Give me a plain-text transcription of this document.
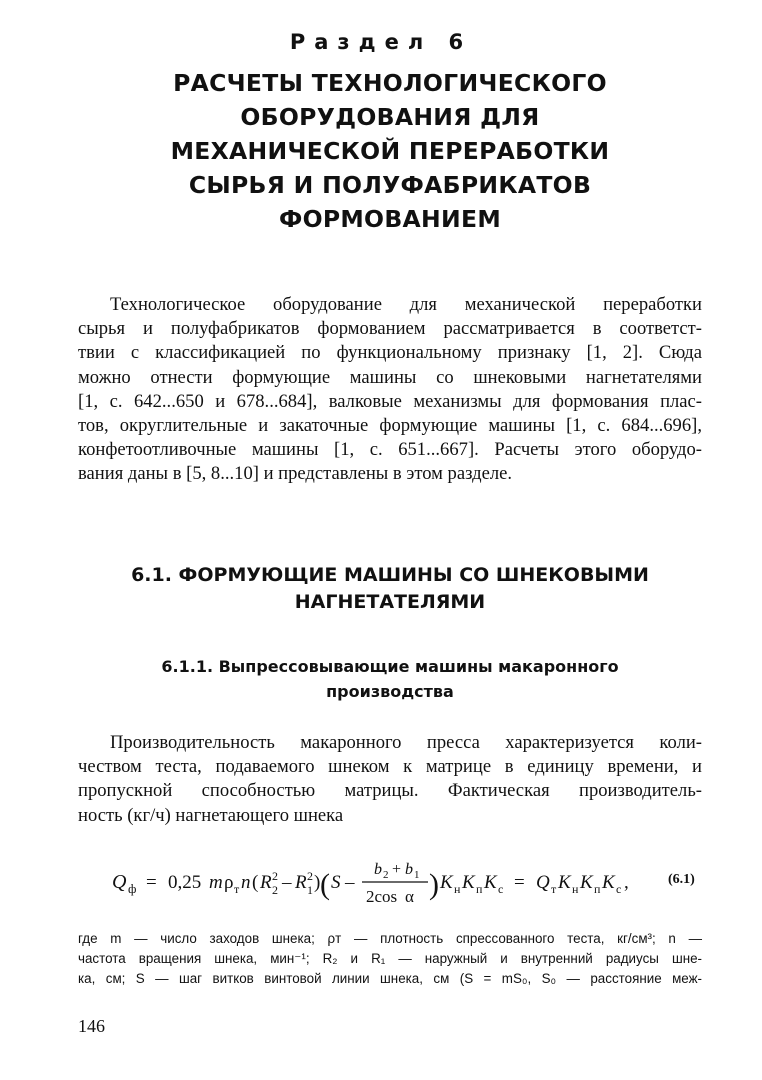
Раздел 6
РАСЧЕТЫ ТЕХНОЛОГИЧЕСКОГО
ОБОРУДОВАНИЯ ДЛЯ
МЕХАНИЧЕСКОЙ ПЕРЕРАБОТКИ
СЫРЬЯ И ПОЛУФАБРИКАТОВ
ФОРМОВАНИЕМ
Технологическое оборудование для механической переработки
сырья и полуфабрикатов формованием рассматривается в соответст-
твии с классификацией по функциональному признаку [1, 2]. Сюда
можно отнести формующие машины со шнековыми нагнетателями
[1, с. 642...650 и 678...684], валковые механизмы для формования плас-
тов, округлительные и закаточные формующие машины [1, с. 684...696],
конфетоотливочные машины [1, с. 651...667]. Расчеты этого оборудо-
вания даны в [5, 8...10] и представлены в этом разделе.
6.1. ФОРМУЮЩИЕ МАШИНЫ СО ШНЕКОВЫМИ
НАГНЕТАТЕЛЯМИ
6.1.1. Выпрессовывающие машины макаронного
производства
Производительность макаронного пресса характеризуется коли-
чеством теста, подаваемого шнеком к матрице в единицу времени, и
пропускной способностью матрицы. Фактическая производитель-
ность (кг/ч) нагнетающего шнека
Q ф = 0,25 m ρ т n ( R 2
2 – R 2
1 ) ( S –
b 2 + b 1
2cos α ) K н K п K с = Q т K н K п K с ,	(6.1)
где m — число заходов шнека; ρт — плотность спрессованного теста, кг/см³; n —
частота вращения шнека, мин⁻¹; R₂ и R₁ — наружный и внутренний радиусы шне-
ка, см; S — шаг витков винтовой линии шнека, см (S = mS₀, S₀ — расстояние меж-
146
